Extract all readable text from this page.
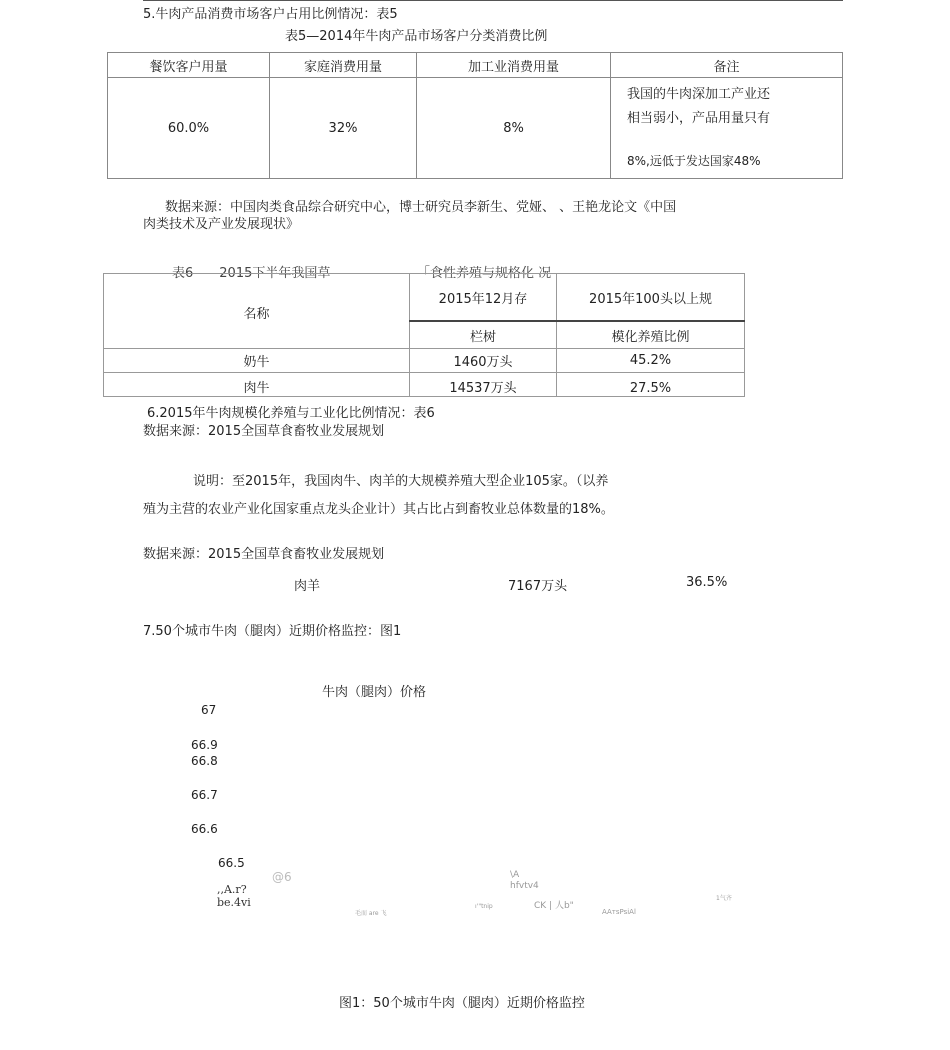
5.牛肉产品消费市场客户占用比例情况：表5
表5—2014年牛肉产品市场客户分类消费比例
餐饮客户用量	家庭消费用量	加工业消费用量	备注
60.0%	32%	8%	我国的牛肉深加工产业还
相当弱小，产品用量只有
8%,远低于发达国家48%
数据来源：中国肉类食品综合研究中心，博士研究员李新生、党娅、 、王艳龙论文《中国
肉类技术及产业发展现状》
表6——2015下半年我国草	「食性养殖与规格化 况
名称	2015年12月存	2015年100头以上规
	栏树	模化养殖比例
奶牛	1460万头	45.2%
肉牛	14537万头	27.5%
6.2015年牛肉规模化养殖与工业化比例情况：表6
数据来源：2015全国草食畜牧业发展规划
说明：至2015年，我国肉牛、肉羊的大规模养殖大型企业105家。（以养
殖为主营的农业产业化国家重点龙头企业计）其占比占到畜牧业总体数量的18%。
数据来源：2015全国草食畜牧业发展规划
肉羊	7167万头	36.5%
7.50个城市牛肉（腿肉）近期价格监控：图1
牛肉（腿肉）价格
67
66.9
66.8
66.7
66.6
66.5
@6	\A
hfvtv4
,,A.r?
be.4vi	CK | 人b"
AAтsPsiAl
毛而 are 飞
ı'"tnip
1气齐
图1：50个城市牛肉（腿肉）近期价格监控
